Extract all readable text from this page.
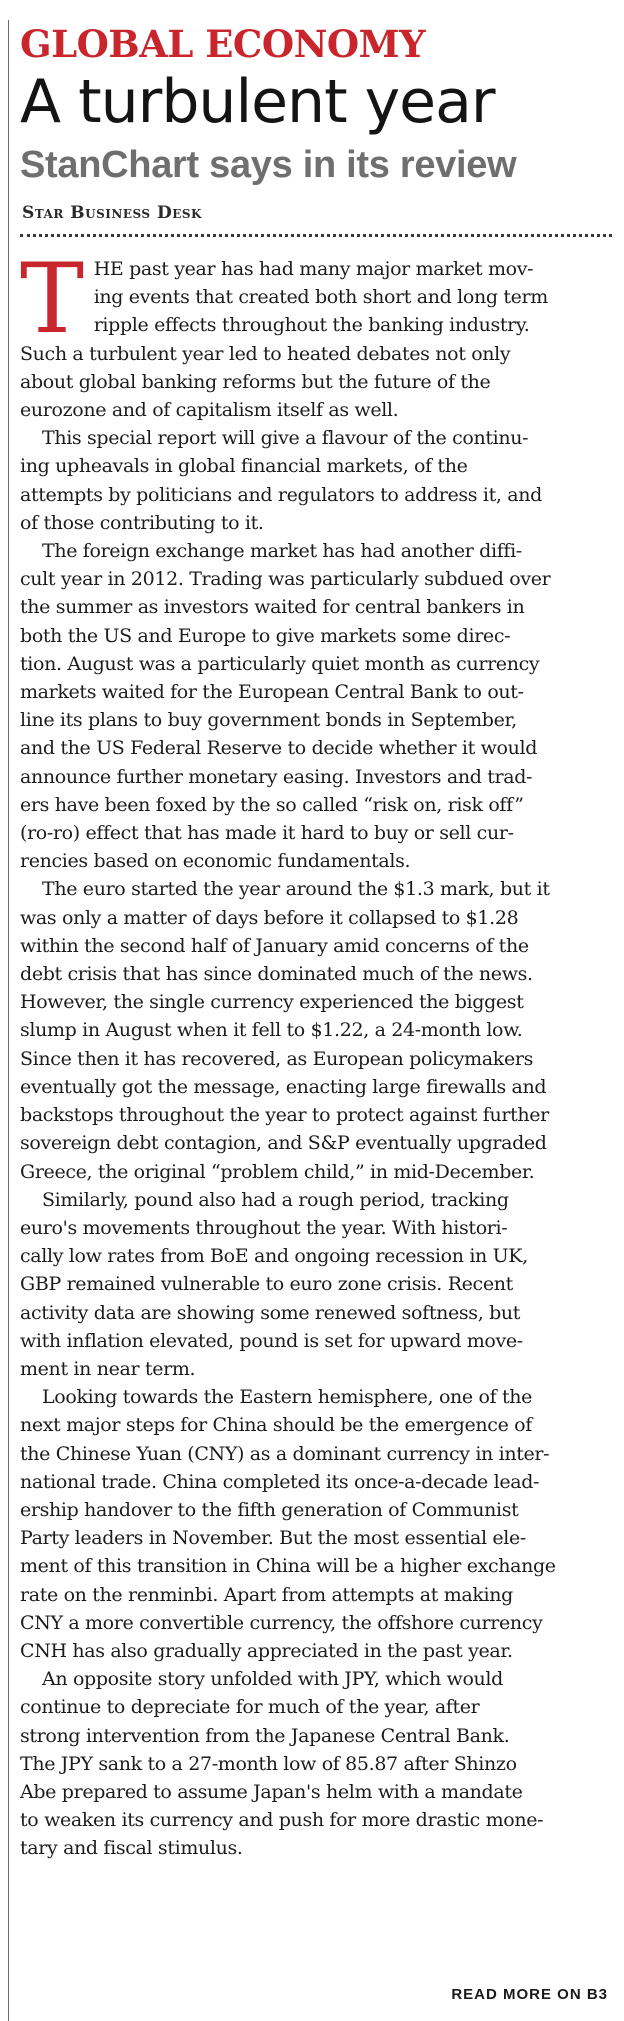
GLOBAL ECONOMY
A turbulent year
StanChart says in its review
Star Business Desk

THE past year has had many major market mov-
ing events that created both short and long term
ripple effects throughout the banking industry.
Such a turbulent year led to heated debates not only
about global banking reforms but the future of the
eurozone and of capitalism itself as well.

This special report will give a flavour of the continu-
ing upheavals in global financial markets, of the
attempts by politicians and regulators to address it, and
of those contributing to it.

The foreign exchange market has had another diffi-
cult year in 2012. Trading was particularly subdued over
the summer as investors waited for central bankers in
both the US and Europe to give markets some direc-
tion. August was a particularly quiet month as currency
markets waited for the European Central Bank to out-
line its plans to buy government bonds in September,
and the US Federal Reserve to decide whether it would
announce further monetary easing. Investors and trad-
ers have been foxed by the so called “risk on, risk off”
(ro-ro) effect that has made it hard to buy or sell cur-
rencies based on economic fundamentals.

The euro started the year around the $1.3 mark, but it
was only a matter of days before it collapsed to $1.28
within the second half of January amid concerns of the
debt crisis that has since dominated much of the news.
However, the single currency experienced the biggest
slump in August when it fell to $1.22, a 24-month low.
Since then it has recovered, as European policymakers
eventually got the message, enacting large firewalls and
backstops throughout the year to protect against further
sovereign debt contagion, and S&P eventually upgraded
Greece, the original “problem child,” in mid-December.

Similarly, pound also had a rough period, tracking
euro's movements throughout the year. With histori-
cally low rates from BoE and ongoing recession in UK,
GBP remained vulnerable to euro zone crisis. Recent
activity data are showing some renewed softness, but
with inflation elevated, pound is set for upward move-
ment in near term.

Looking towards the Eastern hemisphere, one of the
next major steps for China should be the emergence of
the Chinese Yuan (CNY) as a dominant currency in inter-
national trade. China completed its once-a-decade lead-
ership handover to the fifth generation of Communist
Party leaders in November. But the most essential ele-
ment of this transition in China will be a higher exchange
rate on the renminbi. Apart from attempts at making
CNY a more convertible currency, the offshore currency
CNH has also gradually appreciated in the past year.

An opposite story unfolded with JPY, which would
continue to depreciate for much of the year, after
strong intervention from the Japanese Central Bank.
The JPY sank to a 27-month low of 85.87 after Shinzo
Abe prepared to assume Japan's helm with a mandate
to weaken its currency and push for more drastic mone-
tary and fiscal stimulus.

READ MORE ON B3
